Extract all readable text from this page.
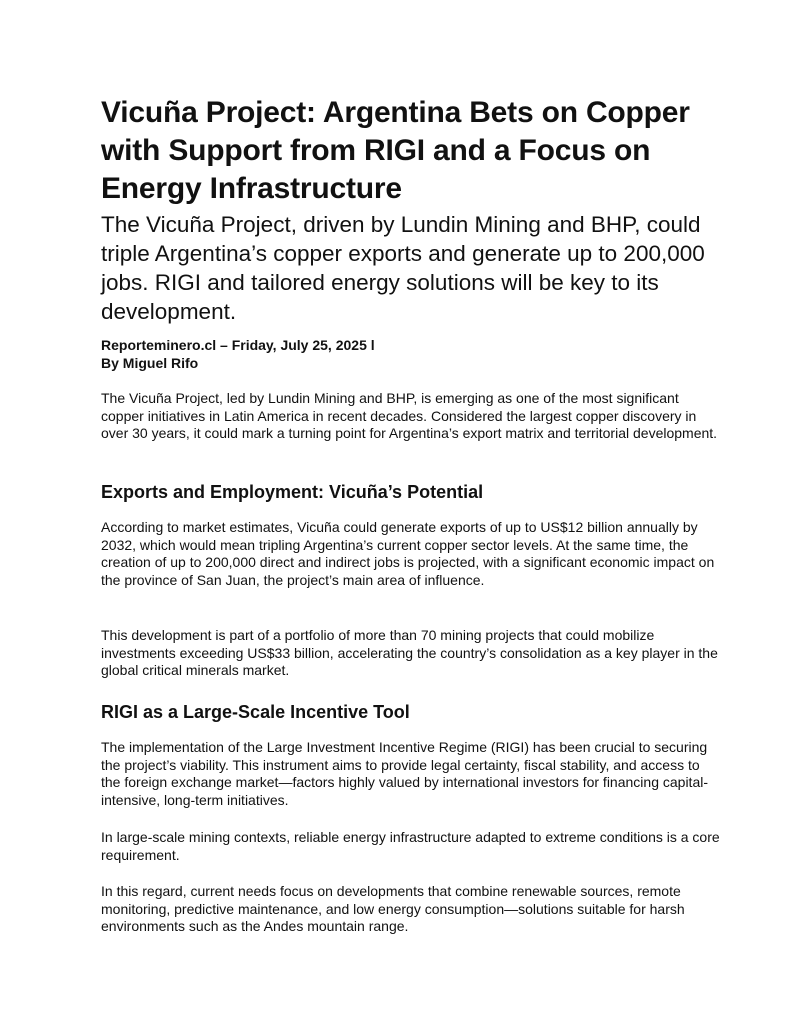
Vicuña Project: Argentina Bets on Copper with Support from RIGI and a Focus on Energy Infrastructure
The Vicuña Project, driven by Lundin Mining and BHP, could triple Argentina’s copper exports and generate up to 200,000 jobs. RIGI and tailored energy solutions will be key to its development.
Reporteminero.cl – Friday, July 25, 2025 l
By Miguel Rifo

The Vicuña Project, led by Lundin Mining and BHP, is emerging as one of the most significant copper initiatives in Latin America in recent decades. Considered the largest copper discovery in over 30 years, it could mark a turning point for Argentina’s export matrix and territorial development.

Exports and Employment: Vicuña’s Potential

According to market estimates, Vicuña could generate exports of up to US$12 billion annually by 2032, which would mean tripling Argentina’s current copper sector levels. At the same time, the creation of up to 200,000 direct and indirect jobs is projected, with a significant economic impact on the province of San Juan, the project’s main area of influence.

This development is part of a portfolio of more than 70 mining projects that could mobilize investments exceeding US$33 billion, accelerating the country’s consolidation as a key player in the global critical minerals market.

RIGI as a Large-Scale Incentive Tool

The implementation of the Large Investment Incentive Regime (RIGI) has been crucial to securing the project’s viability. This instrument aims to provide legal certainty, fiscal stability, and access to the foreign exchange market—factors highly valued by international investors for financing capital-intensive, long-term initiatives.

In large-scale mining contexts, reliable energy infrastructure adapted to extreme conditions is a core requirement.

In this regard, current needs focus on developments that combine renewable sources, remote monitoring, predictive maintenance, and low energy consumption—solutions suitable for harsh environments such as the Andes mountain range.
